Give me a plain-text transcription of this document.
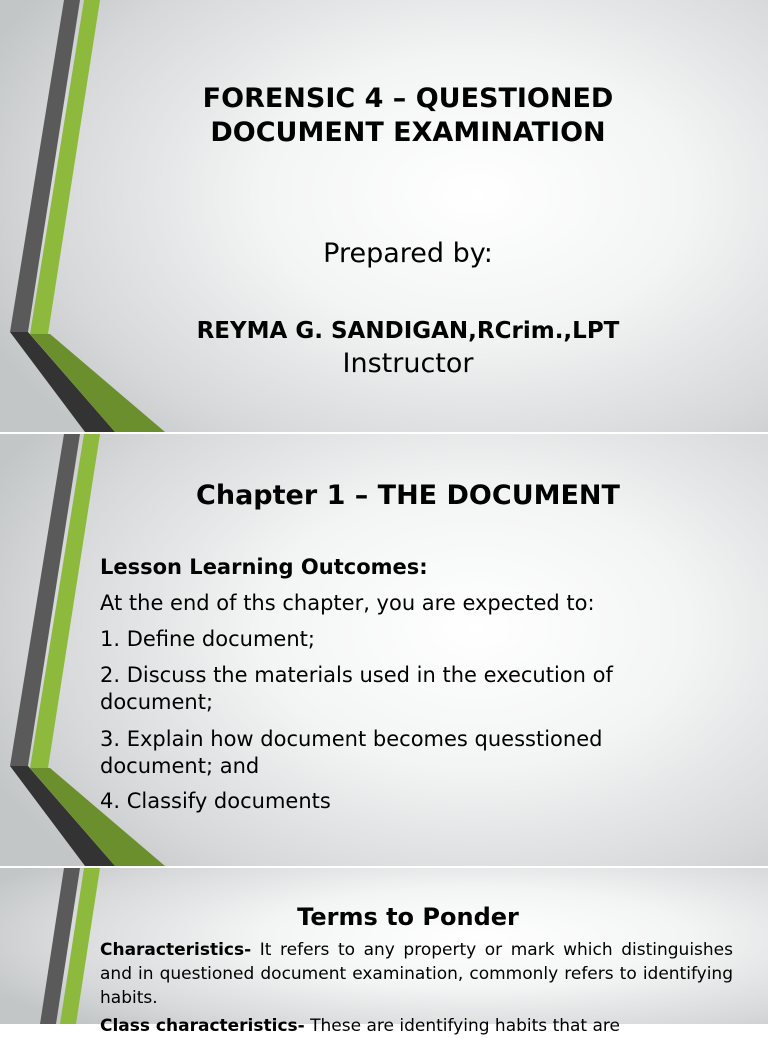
FORENSIC 4 – QUESTIONED
DOCUMENT EXAMINATION
Prepared by:
REYMA G. SANDIGAN,RCrim.,LPT
Instructor
Chapter 1 – THE DOCUMENT
Lesson Learning Outcomes:
At the end of ths chapter, you are expected to:
1. Define document;
2. Discuss the materials used in the execution of document;
3. Explain how document becomes quesstioned document; and
4. Classify documents
Terms to Ponder
Characteristics- It refers to any property or mark which distinguishes and in questioned document examination, commonly refers to identifying habits.
Class characteristics- These are identifying habits that are
